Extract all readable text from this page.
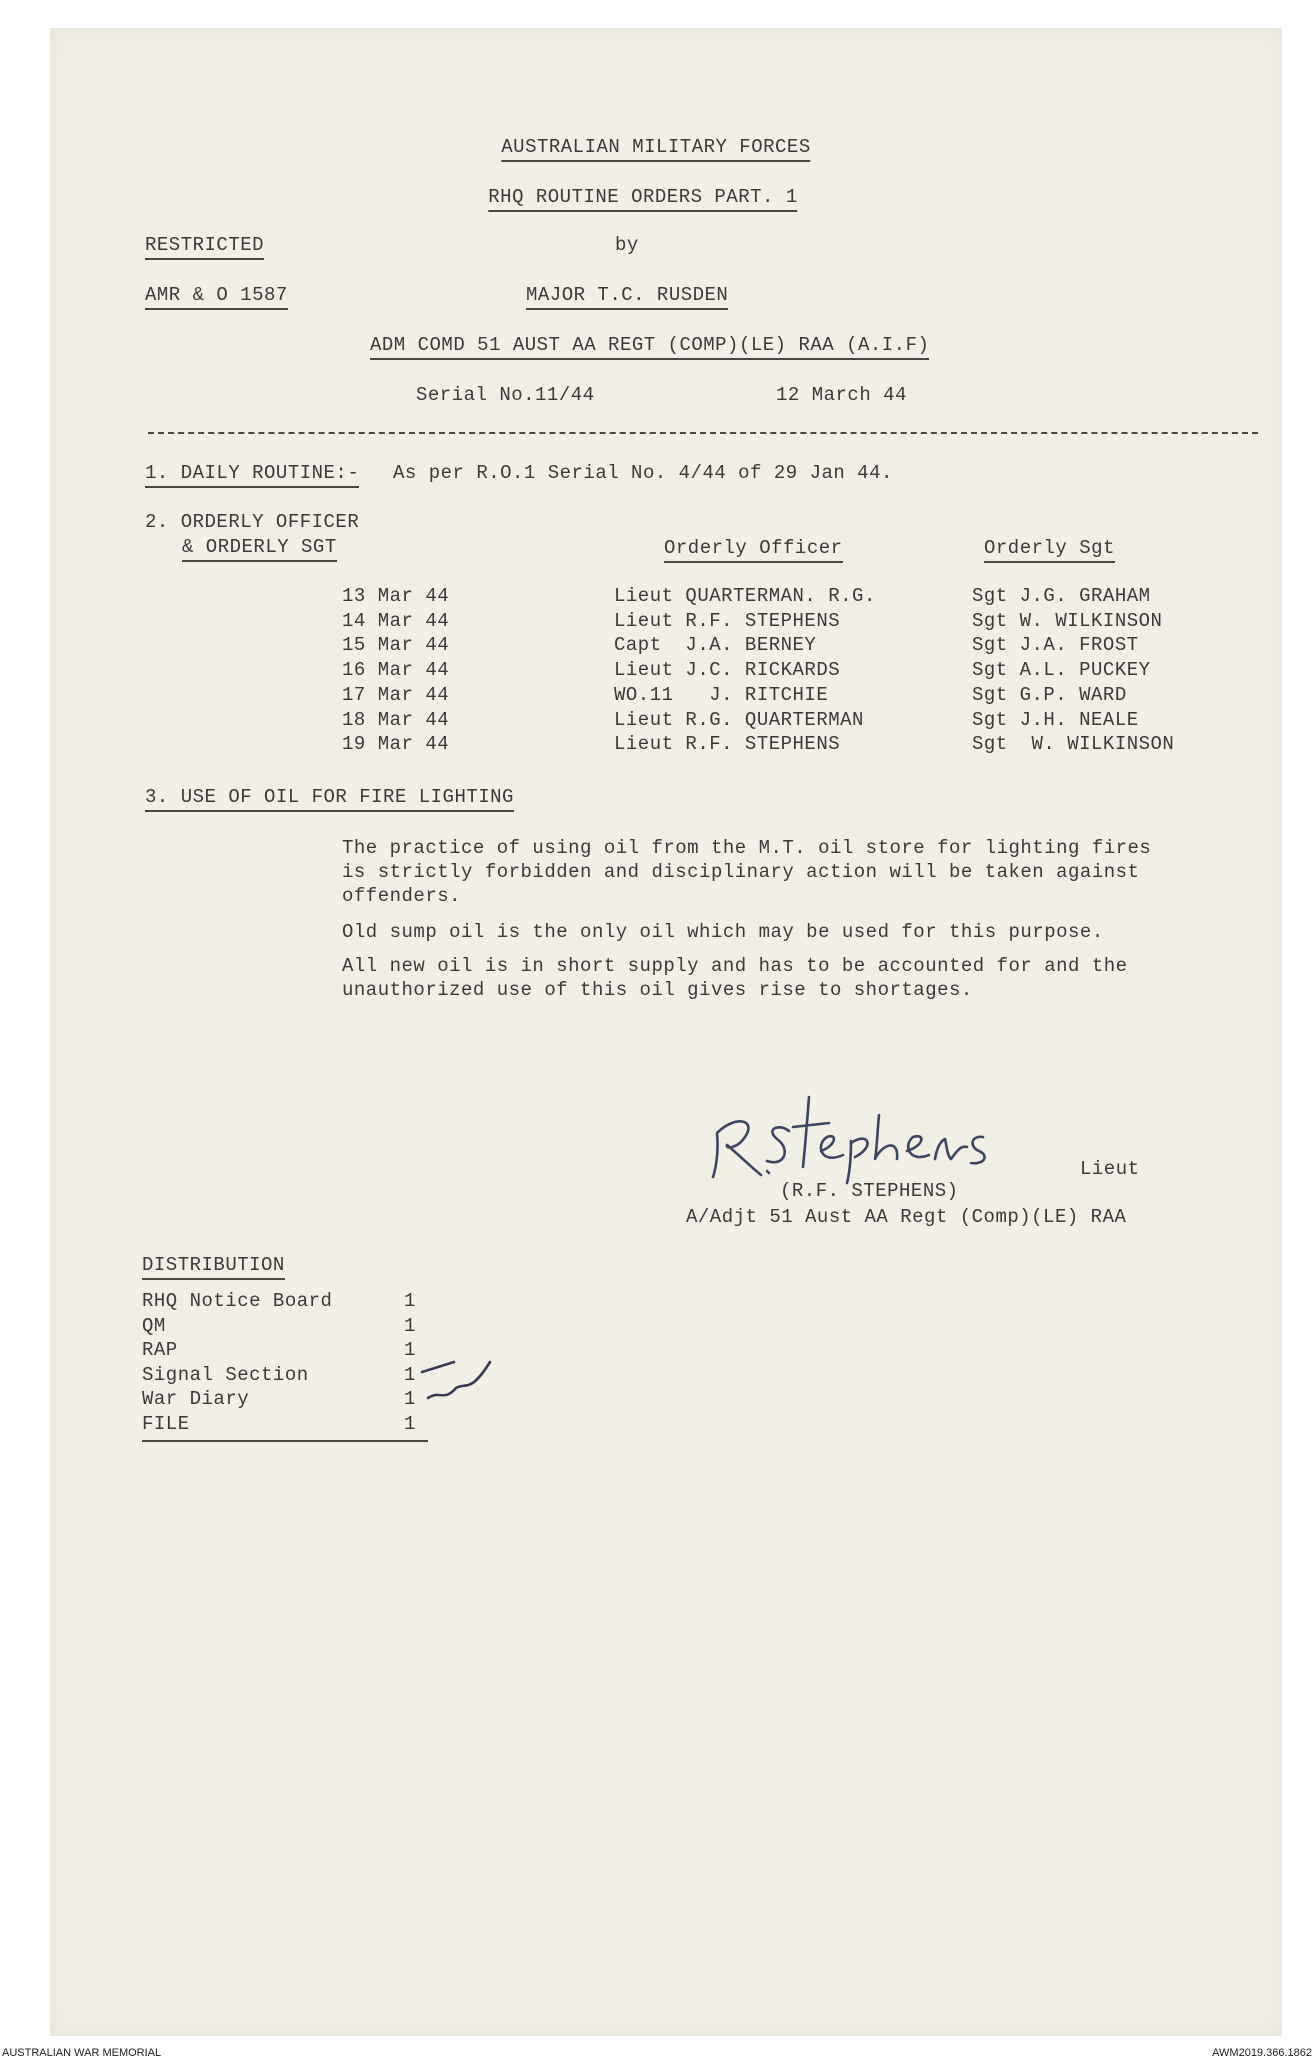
AUSTRALIAN MILITARY FORCES
RHQ ROUTINE ORDERS PART. 1
RESTRICTED	by
AMR & O 1587	MAJOR T.C. RUSDEN
ADM COMD 51 AUST AA REGT (COMP)(LE) RAA (A.I.F)
Serial No.11/44	12 March 44
1. DAILY ROUTINE:- As per R.O.1 Serial No. 4/44 of 29 Jan 44.
2. ORDERLY OFFICER
& ORDERLY SGT	Orderly Officer	Orderly Sgt
13 Mar 44	Lieut QUARTERMAN. R.G.	Sgt J.G. GRAHAM
14 Mar 44	Lieut R.F. STEPHENS	Sgt W. WILKINSON
15 Mar 44	Capt  J.A. BERNEY	Sgt J.A. FROST
16 Mar 44	Lieut J.C. RICKARDS	Sgt A.L. PUCKEY
17 Mar 44	WO.11   J. RITCHIE	Sgt G.P. WARD
18 Mar 44	Lieut R.G. QUARTERMAN	Sgt J.H. NEALE
19 Mar 44	Lieut R.F. STEPHENS	Sgt  W. WILKINSON
3. USE OF OIL FOR FIRE LIGHTING
The practice of using oil from the M.T. oil store for lighting fires
is strictly forbidden and disciplinary action will be taken against
offenders.
Old sump oil is the only oil which may be used for this purpose.
All new oil is in short supply and has to be accounted for and the
unauthorized use of this oil gives rise to shortages.
Lieut
(R.F. STEPHENS)
A/Adjt 51 Aust AA Regt (Comp)(LE) RAA
DISTRIBUTION
RHQ Notice Board	1
QM	1
RAP	1
Signal Section	1
War Diary	1
FILE	1
AUSTRALIAN WAR MEMORIAL	AWM2019.366.1862
